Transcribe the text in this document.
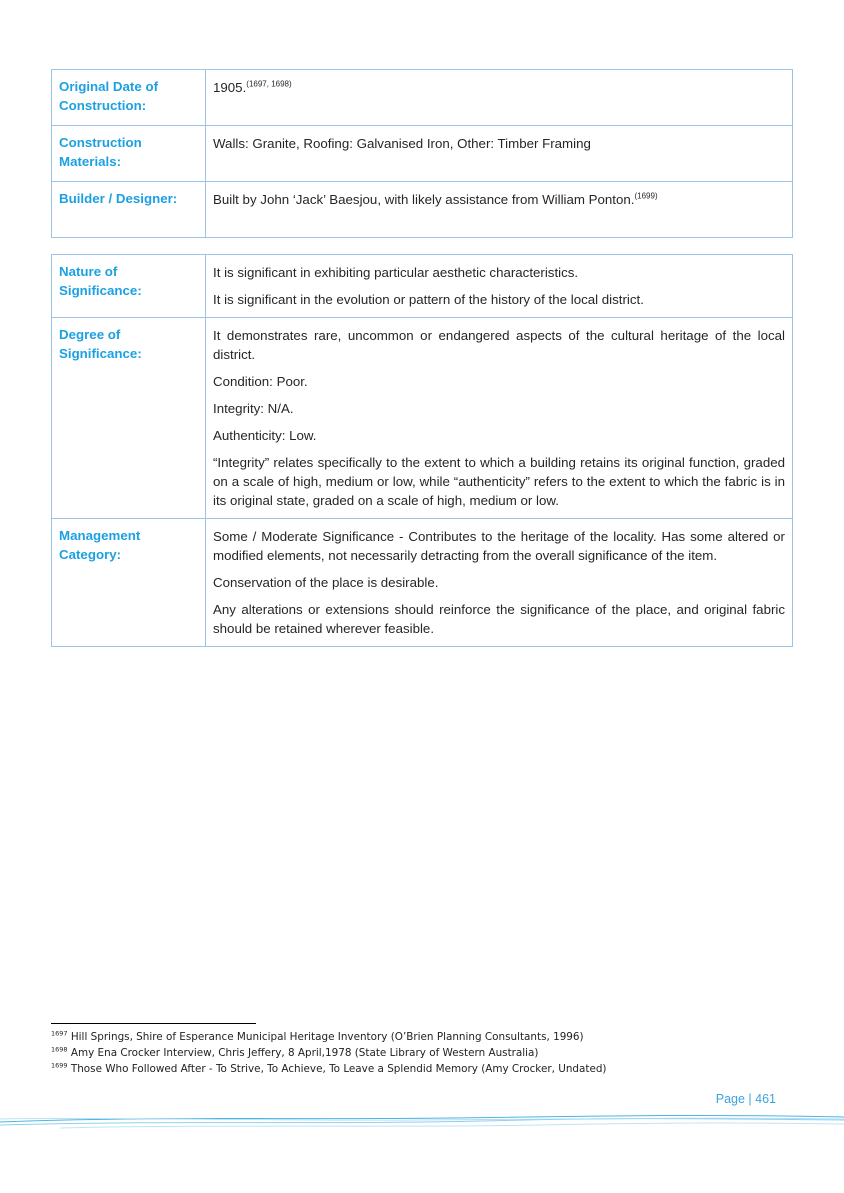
Original Date of Construction:	1905.$^{(1697, 1698)}$
Construction Materials:	Walls: Granite, Roofing: Galvanised Iron, Other: Timber Framing
Builder / Designer:	Built by John ‘Jack’ Baesjou, with likely assistance from William Ponton.$^{(1699)}$
Nature of Significance:	It is significant in exhibiting particular aesthetic characteristics.

It is significant in the evolution or pattern of the history of the local district.

Degree of Significance:	It demonstrates rare, uncommon or endangered aspects of the cultural heritage of the local district.

Condition: Poor.

Integrity: N/A.

Authenticity: Low.

“Integrity” relates specifically to the extent to which a building retains its original function, graded on a scale of high, medium or low, while “authenticity” refers to the extent to which the fabric is in its original state, graded on a scale of high, medium or low.

Management Category:	Some / Moderate Significance - Contributes to the heritage of the locality. Has some altered or modified elements, not necessarily detracting from the overall significance of the item.

Conservation of the place is desirable.

Any alterations or extensions should reinforce the significance of the place, and original fabric should be retained wherever feasible.

$^{1697}$ Hill Springs, Shire of Esperance Municipal Heritage Inventory (O’Brien Planning Consultants, 1996)
$^{1698}$ Amy Ena Crocker Interview, Chris Jeffery, 8 April,1978 (State Library of Western Australia)
$^{1699}$ Those Who Followed After - To Strive, To Achieve, To Leave a Splendid Memory (Amy Crocker, Undated)
Page | 461
